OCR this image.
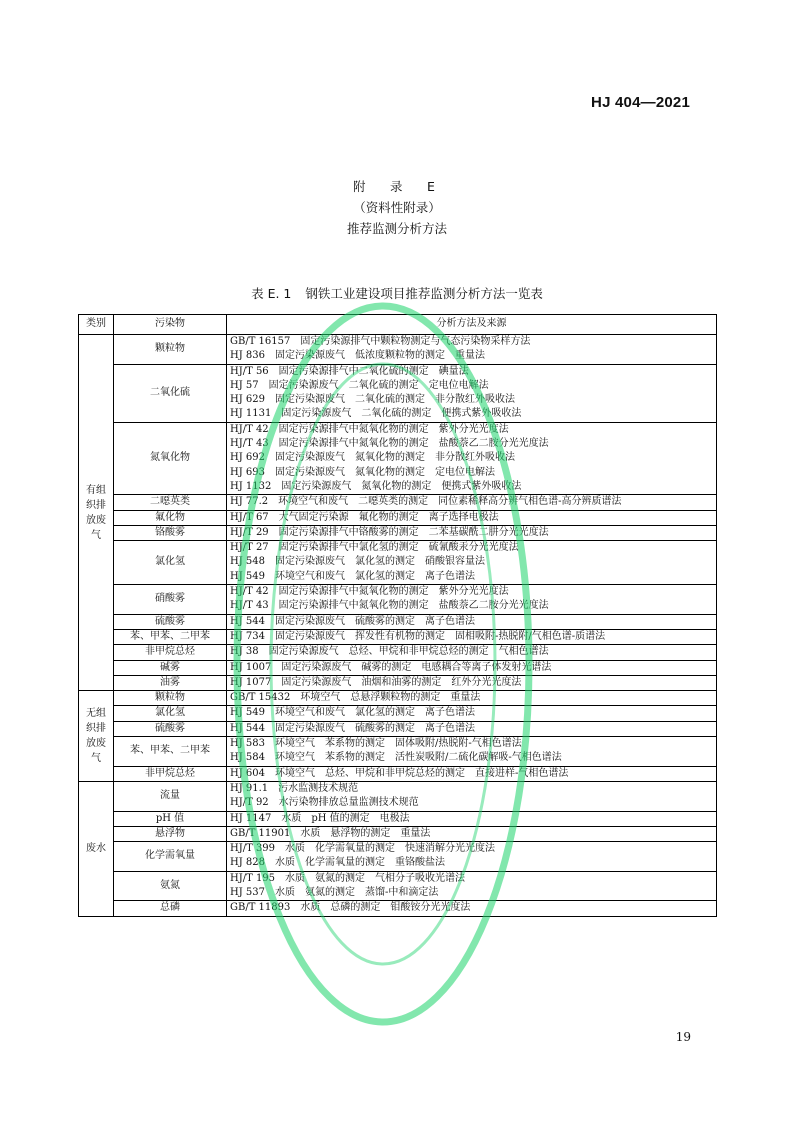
HJ 404—2021
附　录　E
（资料性附录）
推荐监测分析方法
表 E. 1 钢铁工业建设项目推荐监测分析方法一览表
类别	污染物	分析方法及来源
有组织排放废气	颗粒物	GB/T 16157　固定污染源排气中颗粒物测定与气态污染物采样方法
HJ 836　固定污染源废气　低浓度颗粒物的测定　重量法

	二氧化硫	HJ/T 56　固定污染源排气中二氧化硫的测定　碘量法
HJ 57　固定污染源废气　二氧化硫的测定　定电位电解法
HJ 629　固定污染源废气　二氧化硫的测定　非分散红外吸收法
HJ 1131　固定污染源废气　二氧化硫的测定　便携式紫外吸收法

	氮氧化物	HJ/T 42　固定污染源排气中氮氧化物的测定　紫外分光光度法
HJ/T 43　固定污染源排气中氮氧化物的测定　盐酸萘乙二胺分光光度法
HJ 692　固定污染源废气　氮氧化物的测定　非分散红外吸收法
HJ 693　固定污染源废气　氮氧化物的测定　定电位电解法
HJ 1132　固定污染源废气　氮氧化物的测定　便携式紫外吸收法

	二噁英类	HJ 77.2　环境空气和废气　二噁英类的测定　同位素稀释高分辨气相色谱-高分辨质谱法

	氟化物	HJ/T 67　大气固定污染源　氟化物的测定　离子选择电极法

	铬酸雾	HJ/T 29　固定污染源排气中铬酸雾的测定　二苯基碳酰二肼分光光度法

	氯化氢	HJ/T 27　固定污染源排气中氯化氢的测定　硫氰酸汞分光光度法
HJ 548　固定污染源废气　氯化氢的测定　硝酸银容量法
HJ 549　环境空气和废气　氯化氢的测定　离子色谱法

	硝酸雾	HJ/T 42　固定污染源排气中氮氧化物的测定　紫外分光光度法
HJ/T 43　固定污染源排气中氮氧化物的测定　盐酸萘乙二胺分光光度法

	硫酸雾	HJ 544　固定污染源废气　硫酸雾的测定　离子色谱法

	苯、甲苯、二甲苯	HJ 734　固定污染源废气　挥发性有机物的测定　固相吸附-热脱附/气相色谱-质谱法

	非甲烷总烃	HJ 38　固定污染源废气　总烃、甲烷和非甲烷总烃的测定　气相色谱法

	碱雾	HJ 1007　固定污染源废气　碱雾的测定　电感耦合等离子体发射光谱法

	油雾	HJ 1077　固定污染源废气　油烟和油雾的测定　红外分光光度法

无组织排放废气	颗粒物	GB/T 15432　环境空气　总悬浮颗粒物的测定　重量法

	氯化氢	HJ 549　环境空气和废气　氯化氢的测定　离子色谱法

	硫酸雾	HJ 544　固定污染源废气　硫酸雾的测定　离子色谱法

	苯、甲苯、二甲苯	HJ 583　环境空气　苯系物的测定　固体吸附/热脱附-气相色谱法
HJ 584　环境空气　苯系物的测定　活性炭吸附/二硫化碳解吸-气相色谱法

	非甲烷总烃	HJ 604　环境空气　总烃、甲烷和非甲烷总烃的测定　直接进样-气相色谱法

废水	流量	HJ 91.1　污水监测技术规范
HJ/T 92　水污染物排放总量监测技术规范

	pH 值	HJ 1147　水质　pH 值的测定　电极法

	悬浮物	GB/T 11901　水质　悬浮物的测定　重量法

	化学需氧量	HJ/T 399　水质　化学需氧量的测定　快速消解分光光度法
HJ 828　水质　化学需氧量的测定　重铬酸盐法

	氨氮	HJ/T 195　水质　氨氮的测定　气相分子吸收光谱法
HJ 537　水质　氨氮的测定　蒸馏-中和滴定法

	总磷	GB/T 11893　水质　总磷的测定　钼酸铵分光光度法
19
